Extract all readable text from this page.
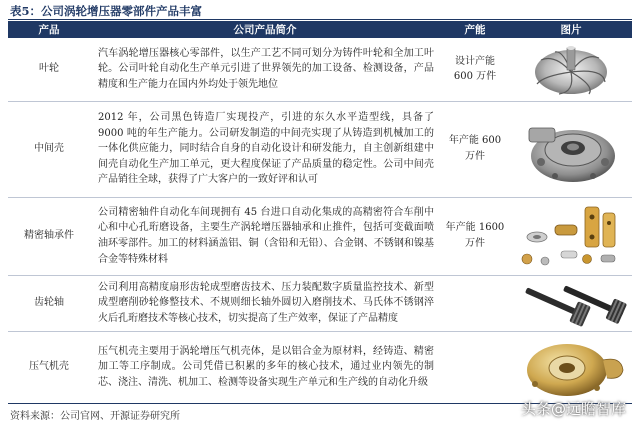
表5：公司涡轮增压器零部件产品丰富
产品	公司产品简介	产能	图片
叶轮	汽车涡轮增压器核心零部件，以生产工艺不同可划分为铸件叶轮和全加工叶轮。公司叶轮自动化生产单元引进了世界领先的加工设备、检测设备，产品精度和生产能力在国内外均处于领先地位	设计产能 600 万件	

中间壳	2012 年，公司黑色铸造厂实现投产，引进的东久水平造型线，具备了 9000 吨的年生产能力。公司研发制造的中间壳实现了从铸造到机械加工的一体化供应能力，同时结合自身的自动化设计和研发能力，自主创新组建中间壳自动化生产加工单元，更大程度保证了产品质量的稳定性。公司中间壳产品销往全球，获得了广大客户的一致好评和认可	年产能 600 万件	

精密轴承件	公司精密轴件自动化车间现拥有 45 台进口自动化集成的高精密符合车削中心和中心孔珩磨设备，主要生产涡轮增压器轴承和止推件，包括可变截面喷油环零部件。加工的材料涵盖铝、铜（含铅和无铅）、合金钢、不锈钢和镍基合金等特殊材料	年产能 1600 万件	

齿轮轴	公司利用高精度扇形齿轮成型磨齿技术、压力装配数字质量监控技术、新型成型磨削砂轮修整技术、不规则细长轴外圆切入磨削技术、马氏体不锈钢淬火后孔珩磨技术等核心技术，切实提高了生产效率，保证了产品精度		

压气机壳	压气机壳主要用于涡轮增压气机壳体，是以铝合金为原材料，经铸造、精密加工等工序制成。公司凭借已积累的多年的核心技术，通过业内领先的制芯、浇注、清洗、机加工、检测等设备实现生产单元和生产线的自动化升级		
资料来源：公司官网、开源证券研究所	头条@远瞻智库
